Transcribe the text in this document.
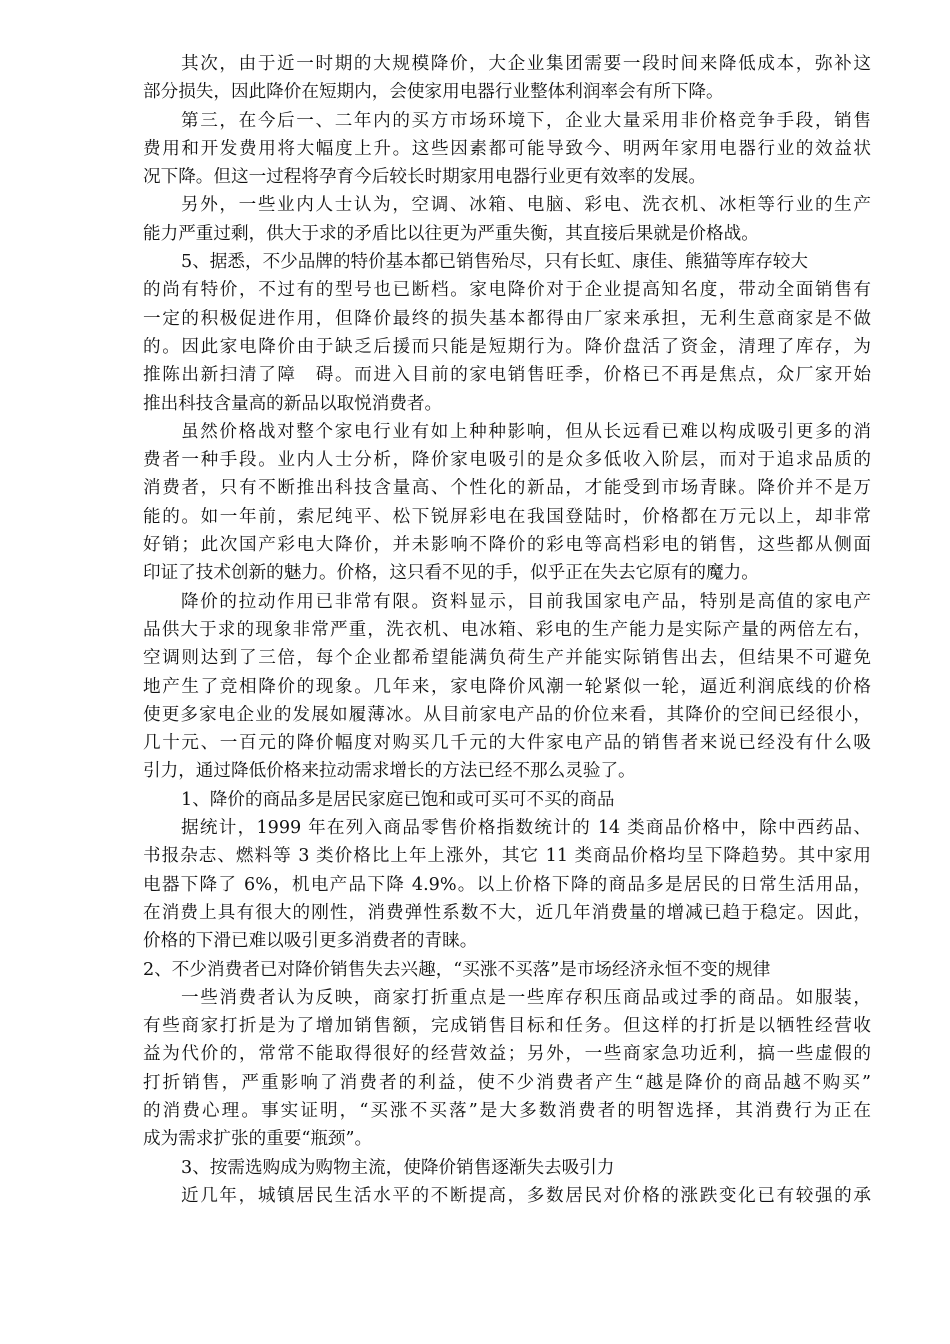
其次，由于近一时期的大规模降价，大企业集团需要一段时间来降低成本，弥补这
部分损失，因此降价在短期内，会使家用电器行业整体利润率会有所下降。
第三，在今后一、二年内的买方市场环境下，企业大量采用非价格竞争手段，销售
费用和开发费用将大幅度上升。这些因素都可能导致今、明两年家用电器行业的效益状
况下降。但这一过程将孕育今后较长时期家用电器行业更有效率的发展。
另外，一些业内人士认为，空调、冰箱、电脑、彩电、洗衣机、冰柜等行业的生产
能力严重过剩，供大于求的矛盾比以往更为严重失衡，其直接后果就是价格战。
5、据悉，不少品牌的特价基本都已销售殆尽，只有长虹、康佳、熊猫等库存较大
的尚有特价，不过有的型号也已断档。家电降价对于企业提高知名度，带动全面销售有
一定的积极促进作用，但降价最终的损失基本都得由厂家来承担，无利生意商家是不做
的。因此家电降价由于缺乏后援而只能是短期行为。降价盘活了资金，清理了库存，为
推陈出新扫清了障　碍。而进入目前的家电销售旺季，价格已不再是焦点，众厂家开始
推出科技含量高的新品以取悦消费者。
虽然价格战对整个家电行业有如上种种影响，但从长远看已难以构成吸引更多的消
费者一种手段。业内人士分析，降价家电吸引的是众多低收入阶层，而对于追求品质的
消费者，只有不断推出科技含量高、个性化的新品，才能受到市场青睐。降价并不是万
能的。如一年前，索尼纯平、松下锐屏彩电在我国登陆时，价格都在万元以上，却非常
好销；此次国产彩电大降价，并未影响不降价的彩电等高档彩电的销售，这些都从侧面
印证了技术创新的魅力。价格，这只看不见的手，似乎正在失去它原有的魔力。
降价的拉动作用已非常有限。资料显示，目前我国家电产品，特别是高值的家电产
品供大于求的现象非常严重，洗衣机、电冰箱、彩电的生产能力是实际产量的两倍左右，
空调则达到了三倍，每个企业都希望能满负荷生产并能实际销售出去，但结果不可避免
地产生了竞相降价的现象。几年来，家电降价风潮一轮紧似一轮，逼近利润底线的价格
使更多家电企业的发展如履薄冰。从目前家电产品的价位来看，其降价的空间已经很小，
几十元、一百元的降价幅度对购买几千元的大件家电产品的销售者来说已经没有什么吸
引力，通过降低价格来拉动需求增长的方法已经不那么灵验了。
1、降价的商品多是居民家庭已饱和或可买可不买的商品
据统计，1999 年在列入商品零售价格指数统计的 14 类商品价格中，除中西药品、
书报杂志、燃料等 3 类价格比上年上涨外，其它 11 类商品价格均呈下降趋势。其中家用
电器下降了 6%，机电产品下降 4.9%。以上价格下降的商品多是居民的日常生活用品，
在消费上具有很大的刚性，消费弹性系数不大，近几年消费量的增减已趋于稳定。因此，
价格的下滑已难以吸引更多消费者的青睐。
2、不少消费者已对降价销售失去兴趣，“买涨不买落”是市场经济永恒不变的规律
一些消费者认为反映，商家打折重点是一些库存积压商品或过季的商品。如服装，
有些商家打折是为了增加销售额，完成销售目标和任务。但这样的打折是以牺牲经营收
益为代价的，常常不能取得很好的经营效益；另外，一些商家急功近利，搞一些虚假的
打折销售，严重影响了消费者的利益，使不少消费者产生“越是降价的商品越不购买”
的消费心理。事实证明，“买涨不买落”是大多数消费者的明智选择，其消费行为正在
成为需求扩张的重要“瓶颈”。
3、按需选购成为购物主流，使降价销售逐渐失去吸引力
近几年，城镇居民生活水平的不断提高，多数居民对价格的涨跌变化已有较强的承
